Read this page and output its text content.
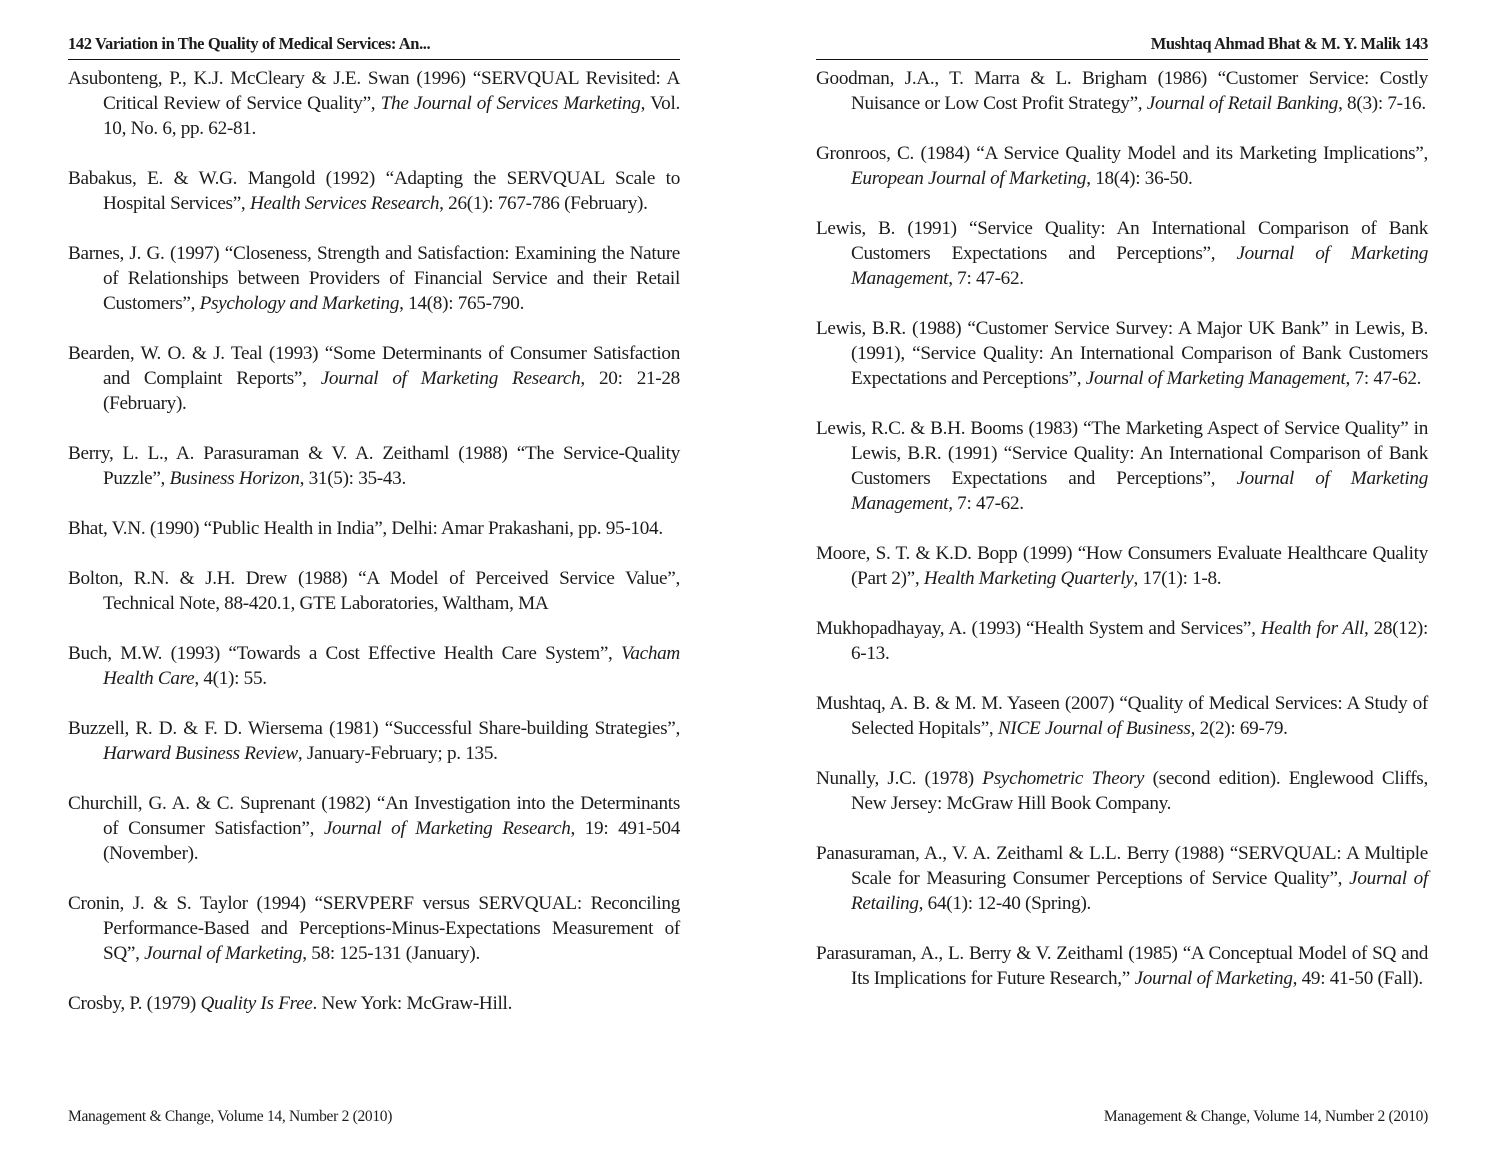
142 Variation in The Quality of Medical Services: An...

Asubonteng, P., K.J. McCleary & J.E. Swan (1996) “SERVQUAL Revisited: A Critical Review of Service Quality”, The Journal of Services Marketing, Vol. 10, No. 6, pp. 62-81.

Babakus, E. & W.G. Mangold (1992) “Adapting the SERVQUAL Scale to Hospital Services”, Health Services Research, 26(1): 767-786 (February).

Barnes, J. G. (1997) “Closeness, Strength and Satisfaction: Examining the Nature of Relationships between Providers of Financial Service and their Retail Customers”, Psychology and Marketing, 14(8): 765-790.

Bearden, W. O. & J. Teal (1993) “Some Determinants of Consumer Satisfaction and Complaint Reports”, Journal of Marketing Research, 20: 21-28 (February).

Berry, L. L., A. Parasuraman & V. A. Zeithaml (1988) “The Service-Quality Puzzle”, Business Horizon, 31(5): 35-43.

Bhat, V.N. (1990) “Public Health in India”, Delhi: Amar Prakashani, pp. 95-104.

Bolton, R.N. & J.H. Drew (1988) “A Model of Perceived Service Value”, Technical Note, 88-420.1, GTE Laboratories, Waltham, MA

Buch, M.W. (1993) “Towards a Cost Effective Health Care System”, Vacham Health Care, 4(1): 55.

Buzzell, R. D. & F. D. Wiersema (1981) “Successful Share-building Strategies”, Harward Business Review, January-February; p. 135.

Churchill, G. A. & C. Suprenant (1982) “An Investigation into the Determinants of Consumer Satisfaction”, Journal of Marketing Research, 19: 491-504 (November).

Cronin, J. & S. Taylor (1994) “SERVPERF versus SERVQUAL: Reconciling Performance-Based and Perceptions-Minus-Expectations Measurement of SQ”, Journal of Marketing, 58: 125-131 (January).

Crosby, P. (1979) Quality Is Free. New York: McGraw-Hill.

Management & Change, Volume 14, Number 2 (2010)
Mushtaq Ahmad Bhat & M. Y. Malik 143

Goodman, J.A., T. Marra & L. Brigham (1986) “Customer Service: Costly Nuisance or Low Cost Profit Strategy”, Journal of Retail Banking, 8(3): 7-16.

Gronroos, C. (1984) “A Service Quality Model and its Marketing Implications”, European Journal of Marketing, 18(4): 36-50.

Lewis, B. (1991) “Service Quality: An International Comparison of Bank Customers Expectations and Perceptions”, Journal of Marketing Management, 7: 47-62.

Lewis, B.R. (1988) “Customer Service Survey: A Major UK Bank” in Lewis, B. (1991), “Service Quality: An International Comparison of Bank Customers Expectations and Perceptions”, Journal of Marketing Management, 7: 47-62.

Lewis, R.C. & B.H. Booms (1983) “The Marketing Aspect of Service Quality” in Lewis, B.R. (1991) “Service Quality: An International Comparison of Bank Customers Expectations and Perceptions”, Journal of Marketing Management, 7: 47-62.

Moore, S. T. & K.D. Bopp (1999) “How Consumers Evaluate Healthcare Quality (Part 2)”, Health Marketing Quarterly, 17(1): 1-8.

Mukhopadhayay, A. (1993) “Health System and Services”, Health for All, 28(12): 6-13.

Mushtaq, A. B. & M. M. Yaseen (2007) “Quality of Medical Services: A Study of Selected Hopitals”, NICE Journal of Business, 2(2): 69-79.

Nunally, J.C. (1978) Psychometric Theory (second edition). Englewood Cliffs, New Jersey: McGraw Hill Book Company.

Panasuraman, A., V. A. Zeithaml & L.L. Berry (1988) “SERVQUAL: A Multiple Scale for Measuring Consumer Perceptions of Service Quality”, Journal of Retailing, 64(1): 12-40 (Spring).

Parasuraman, A., L. Berry & V. Zeithaml (1985) “A Conceptual Model of SQ and Its Implications for Future Research,” Journal of Marketing, 49: 41-50 (Fall).

Management & Change, Volume 14, Number 2 (2010)
